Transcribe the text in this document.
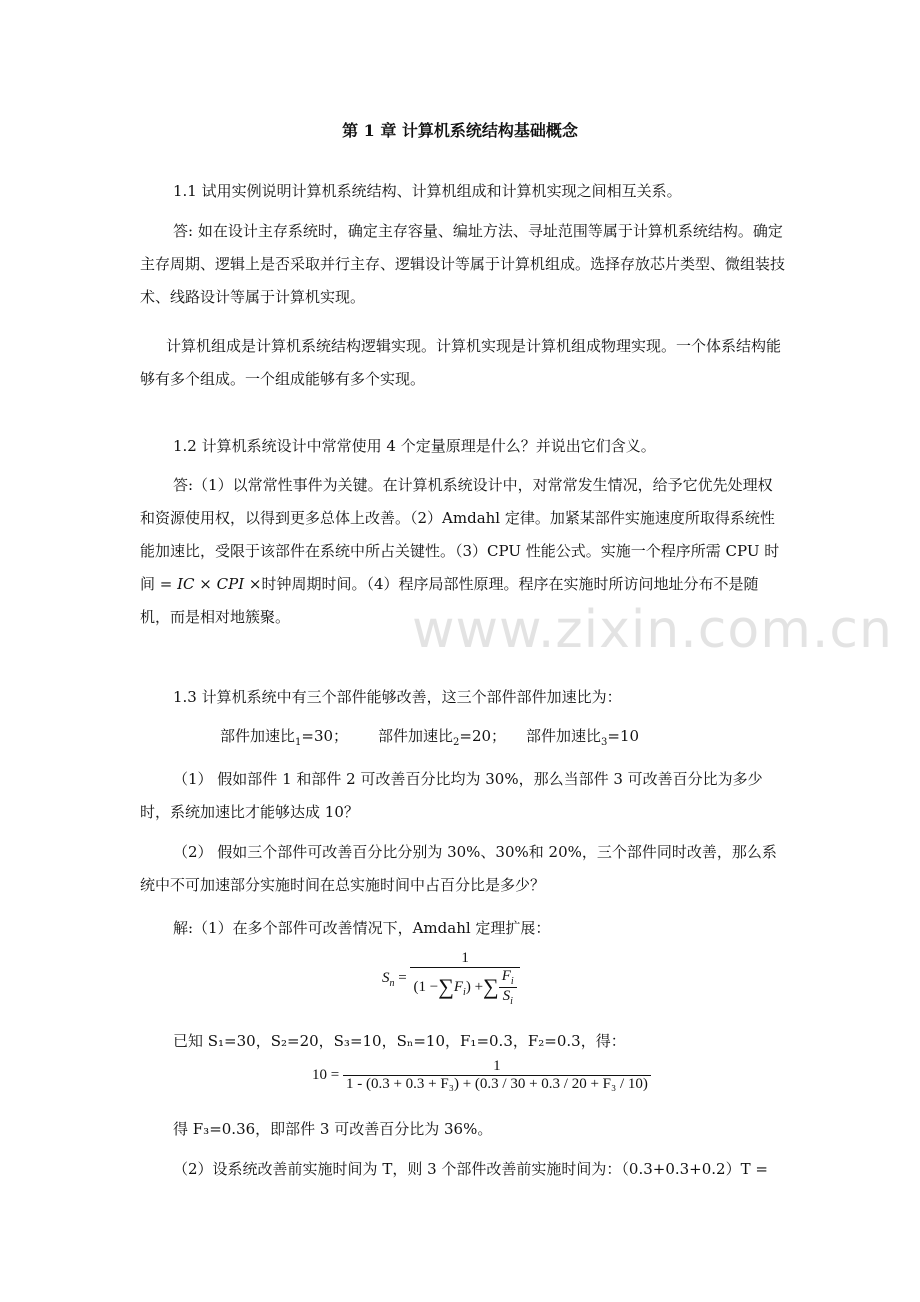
www.zixin.com.cn
第 1 章 计算机系统结构基础概念

1.1 试用实例说明计算机系统结构、计算机组成和计算机实现之间相互关系。

答: 如在设计主存系统时，确定主存容量、编址方法、寻址范围等属于计算机系统结构。确定主存周期、逻辑上是否采取并行主存、逻辑设计等属于计算机组成。选择存放芯片类型、微组装技术、线路设计等属于计算机实现。

计算机组成是计算机系统结构逻辑实现。计算机实现是计算机组成物理实现。一个体系结构能够有多个组成。一个组成能够有多个实现。

1.2 计算机系统设计中常常使用 4 个定量原理是什么？并说出它们含义。

答:（1）以常常性事件为关键。在计算机系统设计中，对常常发生情况，给予它优先处理权和资源使用权，以得到更多总体上改善。（2）Amdahl 定律。加紧某部件实施速度所取得系统性能加速比，受限于该部件在系统中所占关键性。（3）CPU 性能公式。实施一个程序所需 CPU 时间 = IC × CPI ×时钟周期时间。（4）程序局部性原理。程序在实施时所访问地址分布不是随机，而是相对地簇聚。

1.3 计算机系统中有三个部件能够改善，这三个部件部件加速比为：

部件加速比$_1$=30； 部件加速比$_2$=20； 部件加速比$_3$=10

（1） 假如部件 1 和部件 2 可改善百分比均为 30%，那么当部件 3 可改善百分比为多少时，系统加速比才能够达成 10？

（2） 假如三个部件可改善百分比分别为 30%、30%和 20%，三个部件同时改善，那么系统中不可加速部分实施时间在总实施时间中占百分比是多少？

解:（1）在多个部件可改善情况下，Amdahl 定理扩展：

$S_n = \frac{1}{(1 -\sum F_i) +\sum \frac{F_i}{S_i}}$

已知 S₁=30，S₂=20，S₃=10，Sₙ=10，F₁=0.3，F₂=0.3，得：

$10 = \frac{1}{\text{1 - (0.3 + 0.3 + F₃) + (0.3 / 30 + 0.3 / 20 + F₃ / 10)}}$

得 F₃=0.36，即部件 3 可改善百分比为 36%。

（2）设系统改善前实施时间为 T，则 3 个部件改善前实施时间为：（0.3+0.3+0.2）T =
